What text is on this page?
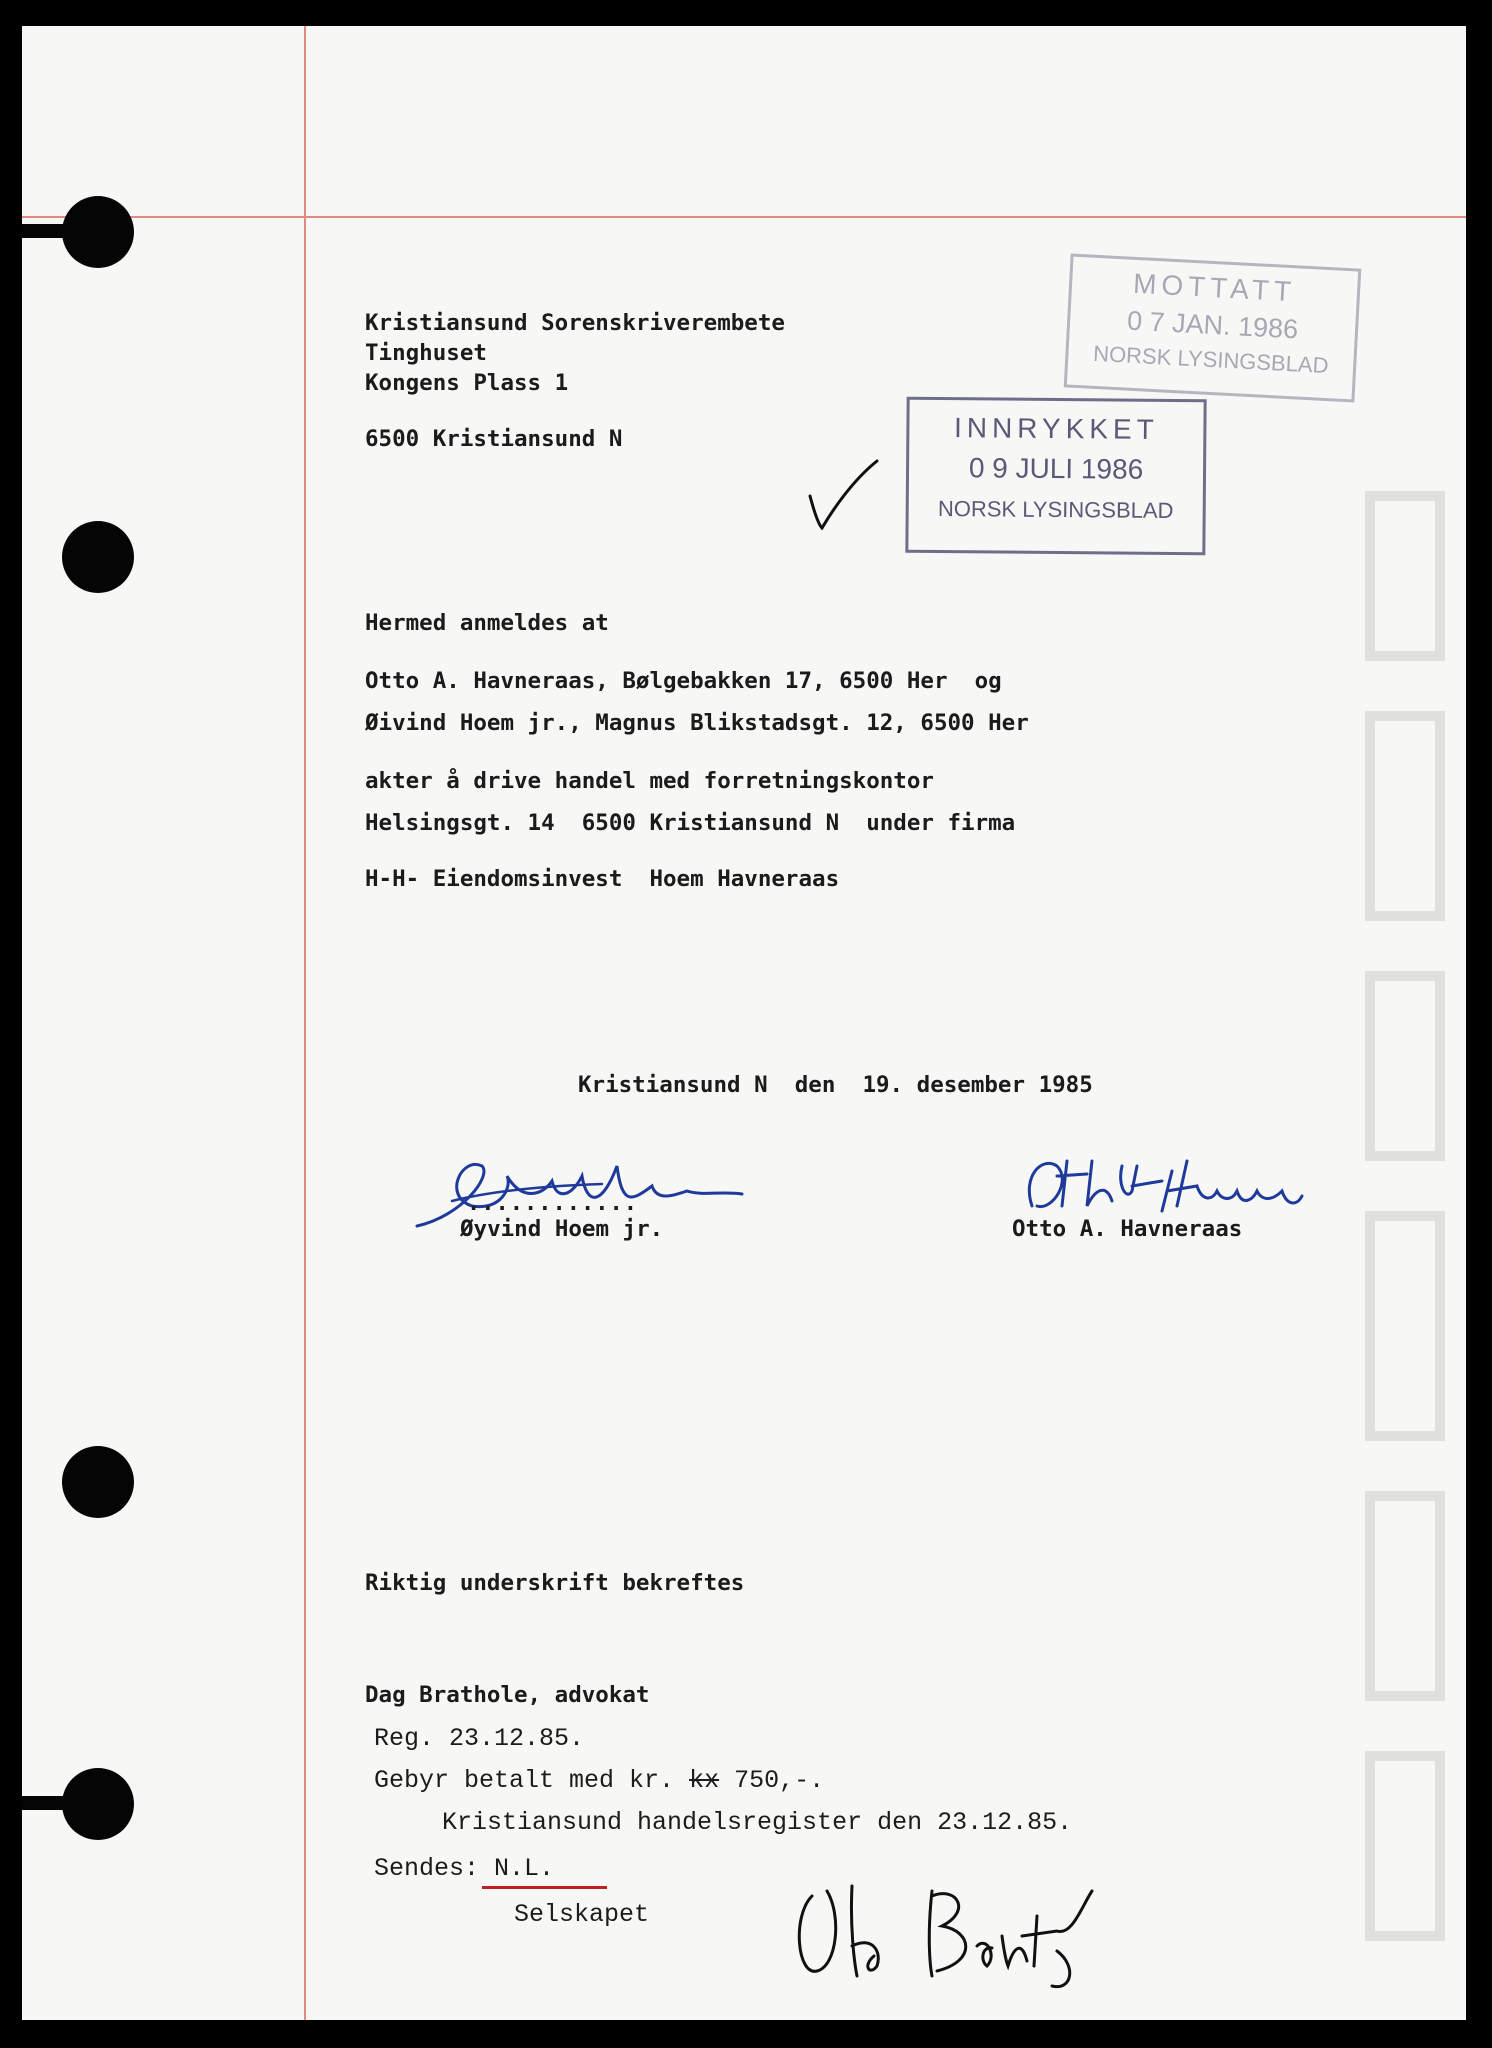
Kristiansund Sorenskriverembete
Tinghuset
Kongens Plass 1
6500 Kristiansund N
MOTTATT
0 7 JAN. 1986
NORSK LYSINGSBLAD
INNRYKKET
0 9 JULI 1986
NORSK LYSINGSBLAD
Hermed anmeldes at
Otto A. Havneraas, Bølgebakken 17, 6500 Her  og
Øivind Hoem jr., Magnus Blikstadsgt. 12, 6500 Her
akter å drive handel med forretningskontor
Helsingsgt. 14  6500 Kristiansund N  under firma
H-H- Eiendomsinvest  Hoem Havneraas
Kristiansund N  den  19. desember 1985
............
Øyvind Hoem jr.	Otto A. Havneraas
Riktig underskrift bekreftes
Dag Brathole, advokat
Reg. 23.12.85.
Gebyr betalt med kr. kx 750,-.
Kristiansund handelsregister den 23.12.85.
Sendes: N.L.
Selskapet
